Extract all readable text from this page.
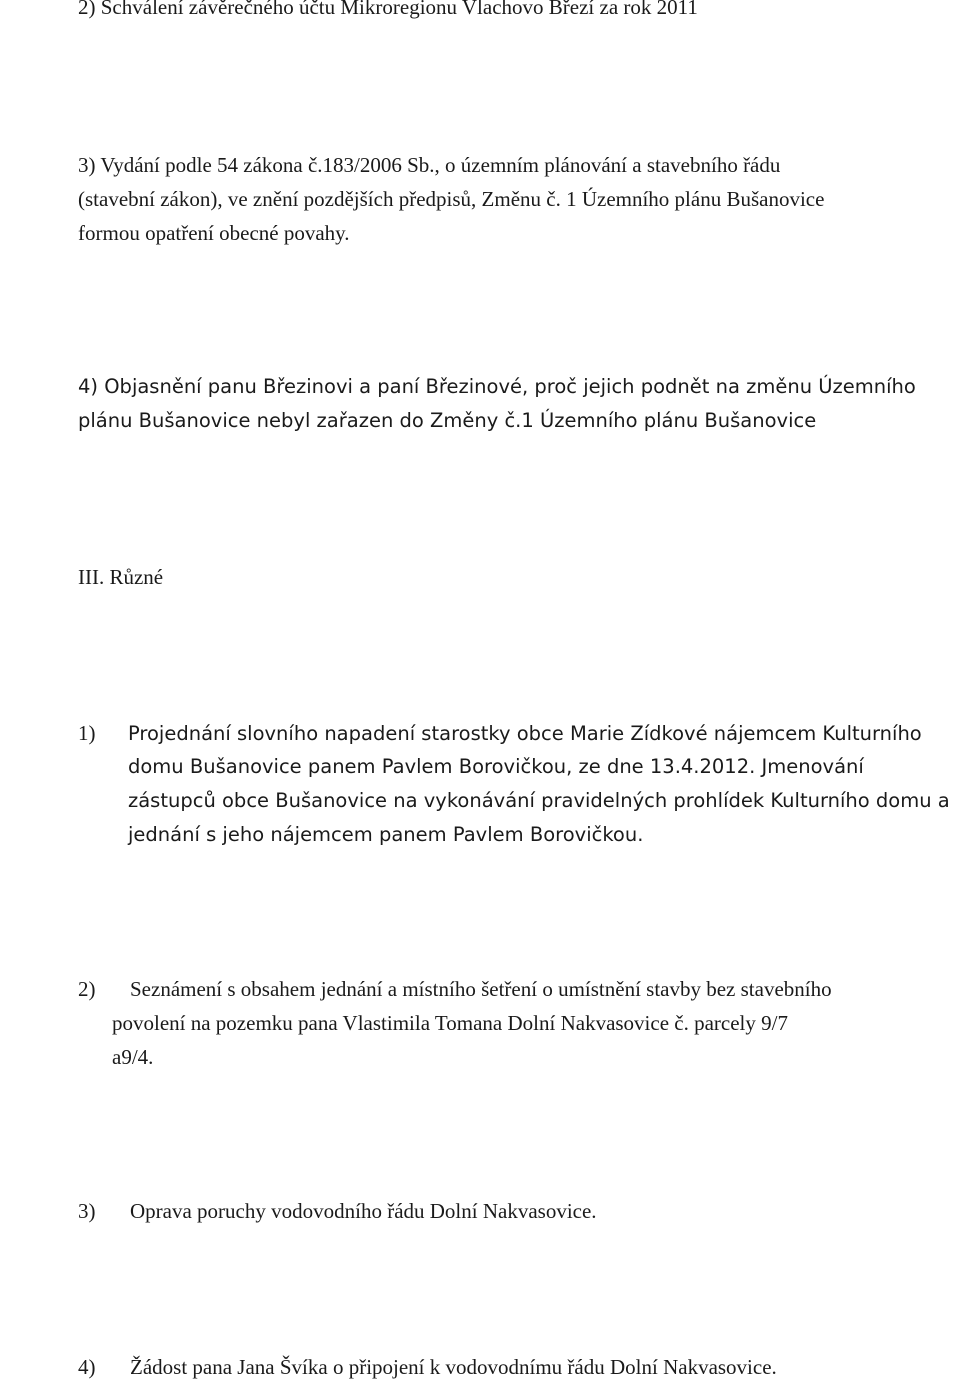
2) Schválení závěrečného účtu Mikroregionu Vlachovo Březí za rok 2011

3) Vydání podle 54 zákona č.183/2006 Sb., o územním plánování a stavebního řádu

(stavební zákon), ve znění pozdějších předpisů, Změnu č. 1 Územního plánu Bušanovice

formou opatření obecné povahy.

4) Objasnění panu Březinovi a paní Březinové, proč jejich podnět na změnu Územního

plánu Bušanovice nebyl zařazen do Změny č.1 Územního plánu Bušanovice

III. Různé

1) Projednání slovního napadení starostky obce Marie Zídkové nájemcem Kulturního

domu Bušanovice panem Pavlem Borovičkou, ze dne 13.4.2012. Jmenování

zástupců obce Bušanovice na vykonávání pravidelných prohlídek Kulturního domu a

jednání s jeho nájemcem panem Pavlem Borovičkou.

2) Seznámení s obsahem jednání a místního šetření o umístnění stavby bez stavebního

povolení na pozemku pana Vlastimila Tomana Dolní Nakvasovice č. parcely 9/7

a9/4.

3) Oprava poruchy vodovodního řádu Dolní Nakvasovice.

4) Žádost pana Jana Švíka o připojení k vodovodnímu řádu Dolní Nakvasovice.
